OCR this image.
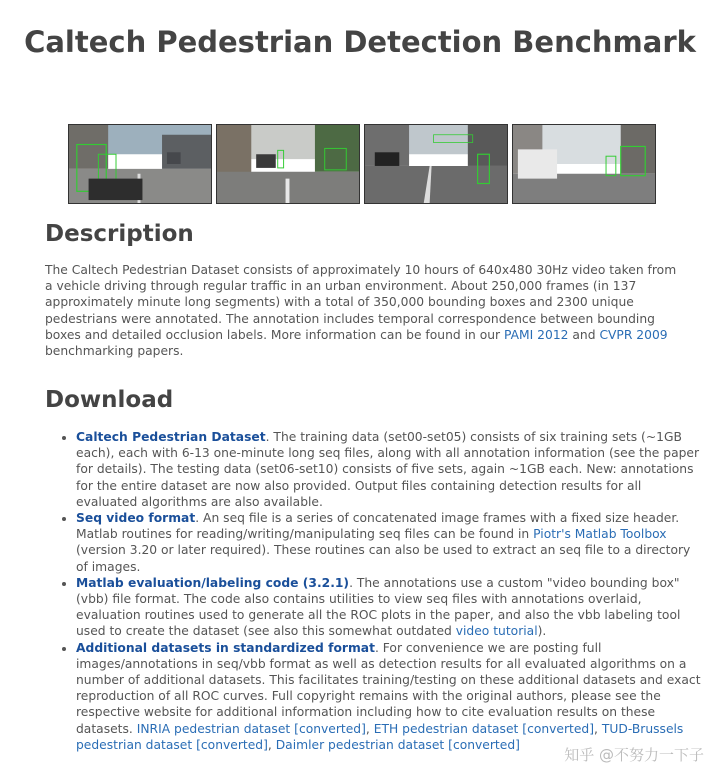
Caltech Pedestrian Detection Benchmark
Description

The Caltech Pedestrian Dataset consists of approximately 10 hours of 640x480 30Hz video taken from a vehicle driving through regular traffic in an urban environment. About 250,000 frames (in 137 approximately minute long segments) with a total of 350,000 bounding boxes and 2300 unique pedestrians were annotated. The annotation includes temporal correspondence between bounding boxes and detailed occlusion labels. More information can be found in our PAMI 2012 and CVPR 2009 benchmarking papers.

Download
• Caltech Pedestrian Dataset. The training data (set00-set05) consists of six training sets (~1GB each), each with 6-13 one-minute long seq files, along with all annotation information (see the paper for details). The testing data (set06-set10) consists of five sets, again ~1GB each. New: annotations for the entire dataset are now also provided. Output files containing detection results for all evaluated algorithms are also available.
• Seq video format. An seq file is a series of concatenated image frames with a fixed size header. Matlab routines for reading/writing/manipulating seq files can be found in Piotr's Matlab Toolbox (version 3.20 or later required). These routines can also be used to extract an seq file to a directory of images.
• Matlab evaluation/labeling code (3.2.1). The annotations use a custom "video bounding box" (vbb) file format. The code also contains utilities to view seq files with annotations overlaid, evaluation routines used to generate all the ROC plots in the paper, and also the vbb labeling tool used to create the dataset (see also this somewhat outdated video tutorial).
• Additional datasets in standardized format. For convenience we are posting full images/annotations in seq/vbb format as well as detection results for all evaluated algorithms on a number of additional datasets. This facilitates training/testing on these additional datasets and exact reproduction of all ROC curves. Full copyright remains with the original authors, please see the respective website for additional information including how to cite evaluation results on these datasets. INRIA pedestrian dataset [converted], ETH pedestrian dataset [converted], TUD-Brussels pedestrian dataset [converted], Daimler pedestrian dataset [converted]
知乎 @不努力一下子
